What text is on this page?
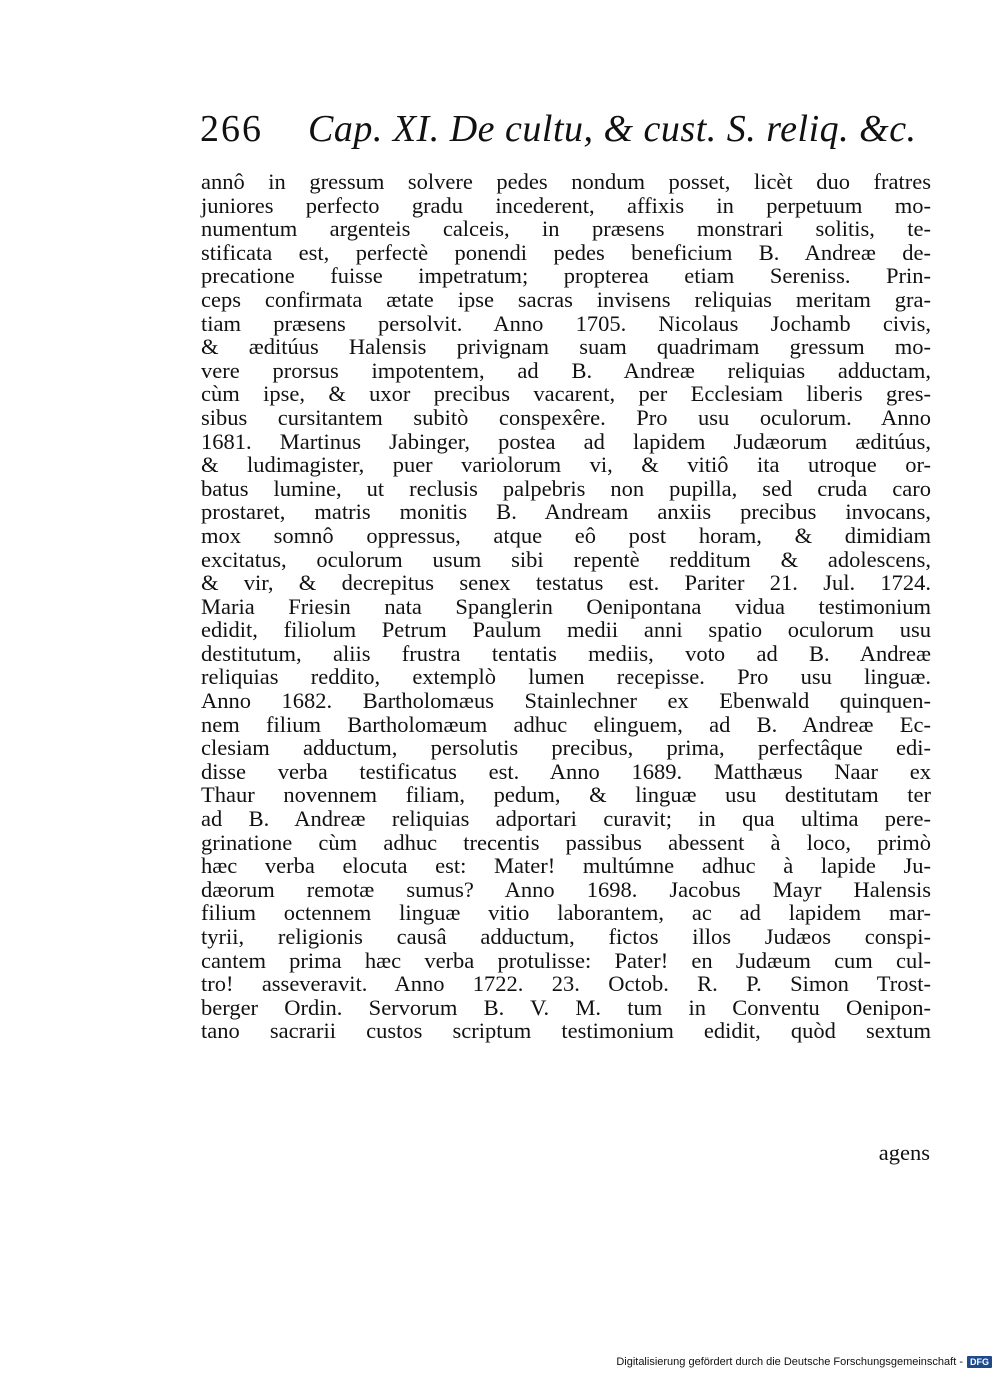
266 Cap. XI. De cultu, & cust. S. reliq. &c.
annô in gressum solvere pedes nondum posset, licèt duo fratres
juniores perfecto gradu incederent, affixis in perpetuum mo-
numentum argenteis calceis, in præsens monstrari solitis, te-
stificata est, perfectè ponendi pedes beneficium B. Andreæ de-
precatione fuisse impetratum; propterea etiam Sereniss. Prin-
ceps confirmata ætate ipse sacras invisens reliquias meritam gra-
tiam præsens persolvit. Anno 1705. Nicolaus Jochamb civis,
& æditúus Halensis privignam suam quadrimam gressum mo-
vere prorsus impotentem, ad B. Andreæ reliquias adductam,
cùm ipse, & uxor precibus vacarent, per Ecclesiam liberis gres-
sibus cursitantem subitò conspexêre. Pro usu oculorum. Anno
1681. Martinus Jabinger, postea ad lapidem Judæorum æditúus,
& ludimagister, puer variolorum vi, & vitiô ita utroque or-
batus lumine, ut reclusis palpebris non pupilla, sed cruda caro
prostaret, matris monitis B. Andream anxiis precibus invocans,
mox somnô oppressus, atque eô post horam, & dimidiam
excitatus, oculorum usum sibi repentè redditum & adolescens,
& vir, & decrepitus senex testatus est. Pariter 21. Jul. 1724.
Maria Friesin nata Spanglerin Oenipontana vidua testimonium
edidit, filiolum Petrum Paulum medii anni spatio oculorum usu
destitutum, aliis frustra tentatis mediis, voto ad B. Andreæ
reliquias reddito, extemplò lumen recepisse. Pro usu linguæ.
Anno 1682. Bartholomæus Stainlechner ex Ebenwald quinquen-
nem filium Bartholomæum adhuc elinguem, ad B. Andreæ Ec-
clesiam adductum, persolutis precibus, prima, perfectâque edi-
disse verba testificatus est. Anno 1689. Matthæus Naar ex
Thaur novennem filiam, pedum, & linguæ usu destitutam ter
ad B. Andreæ reliquias adportari curavit; in qua ultima pere-
grinatione cùm adhuc trecentis passibus abessent à loco, primò
hæc verba elocuta est: Mater! multúmne adhuc à lapide Ju-
dæorum remotæ sumus? Anno 1698. Jacobus Mayr Halensis
filium octennem linguæ vitio laborantem, ac ad lapidem mar-
tyrii, religionis causâ adductum, fictos illos Judæos conspi-
cantem prima hæc verba protulisse: Pater! en Judæum cum cul-
tro! asseveravit. Anno 1722. 23. Octob. R. P. Simon Trost-
berger Ordin. Servorum B. V. M. tum in Conventu Oenipon-
tano sacrarii custos scriptum testimonium edidit, quòd sextum
agens
Digitalisierung gefördert durch die Deutsche Forschungsgemeinschaft - DFG
